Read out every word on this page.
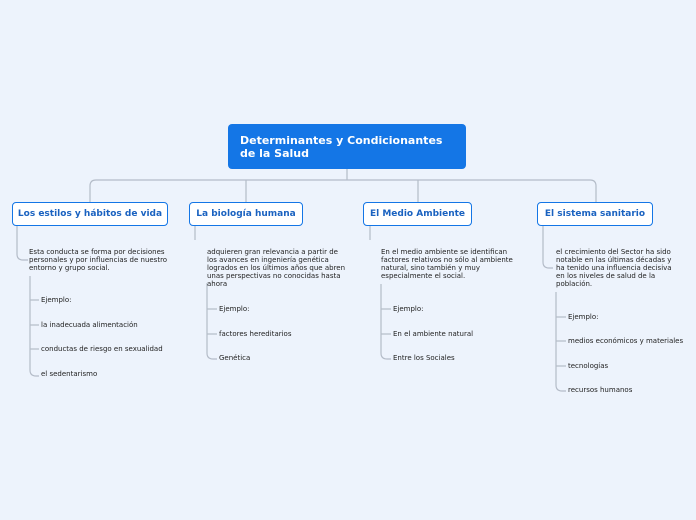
Determinantes y Condicionantes de la Salud
Los estilos y hábitos de vida
Esta conducta se forma por decisiones personales y por influencias de nuestro entorno y grupo social.
Ejemplo:
la inadecuada alimentación
conductas de riesgo en sexualidad
el sedentarismo
La biología humana
adquieren gran relevancia a partir de los avances en ingeniería genética logrados en los últimos años que abren unas perspectivas no conocidas hasta ahora
Ejemplo:
factores hereditarios
Genética
El Medio Ambiente
En el medio ambiente se identifican factores relativos no sólo al ambiente natural, sino también y muy especialmente el social.
Ejemplo:
En el ambiente natural
Entre los Sociales
El sistema sanitario
el crecimiento del Sector ha sido notable en las últimas décadas y ha tenido una influencia decisiva en los niveles de salud de la población.
Ejemplo:
medios económicos y materiales
tecnologías
recursos humanos
